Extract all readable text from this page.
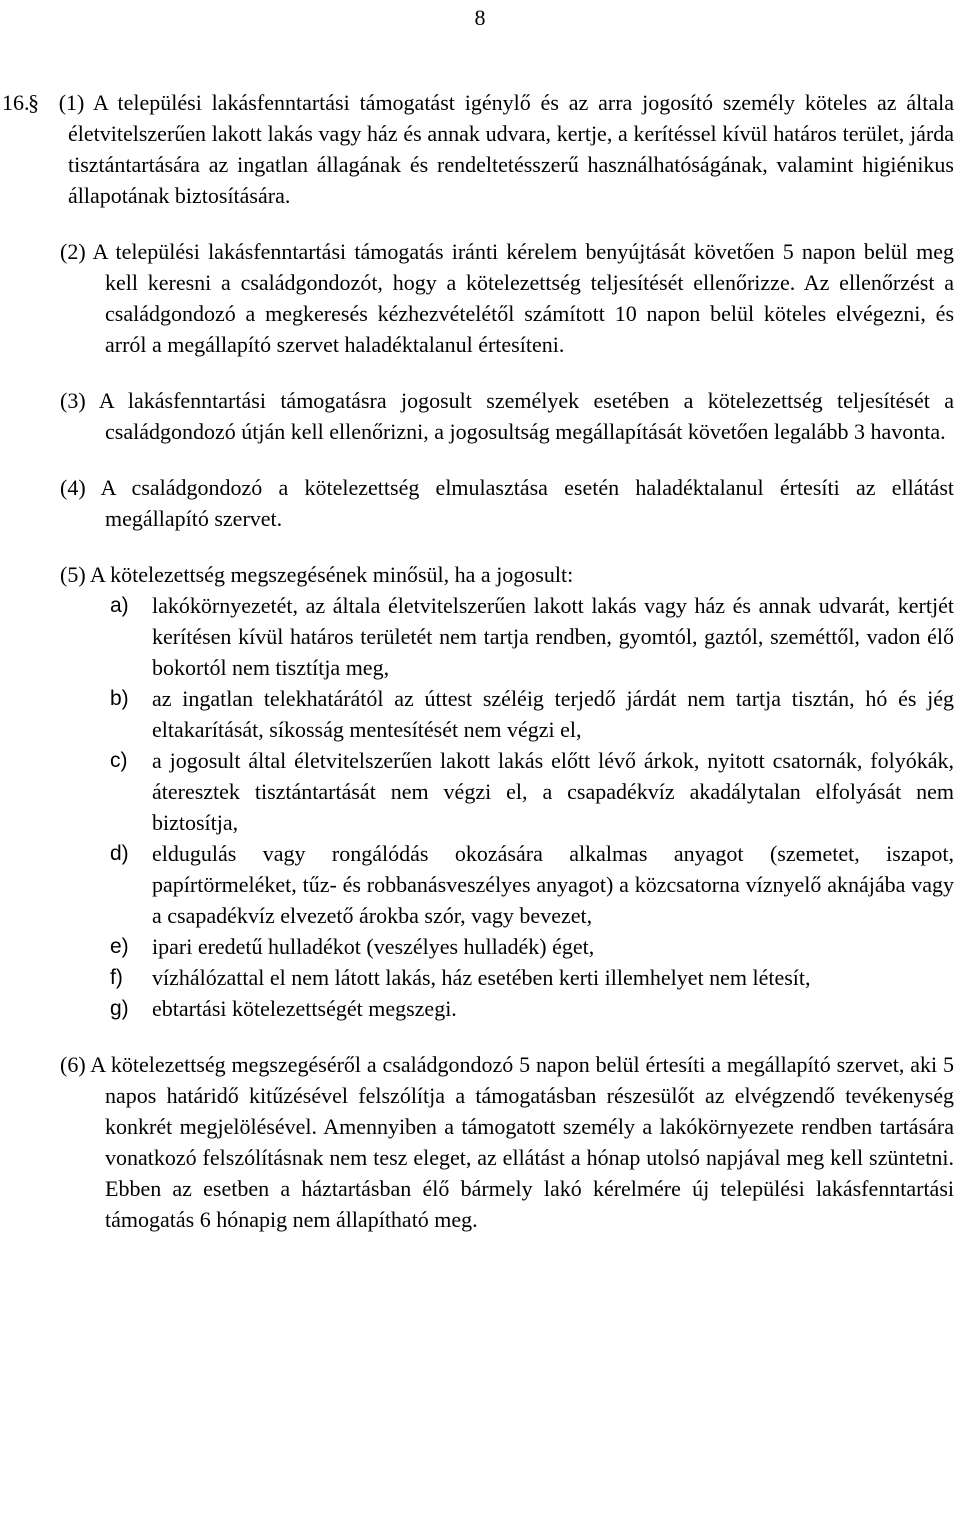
8
16.
§ (1) A települési lakásfenntartási támogatást igénylő és az arra jogosító személy köteles az általa életvitelszerűen lakott lakás vagy ház és annak udvara, kertje, a kerítéssel kívül határos terület, járda tisztántartására az ingatlan állagának és rendeltetésszerű használhatóságának, valamint higiénikus állapotának biztosítására.
(2) A települési lakásfenntartási támogatás iránti kérelem benyújtását követően 5 napon belül meg kell keresni a családgondozót, hogy a kötelezettség teljesítését ellenőrizze. Az ellenőrzést a családgondozó a megkeresés kézhezvételétől számított 10 napon belül köteles elvégezni, és arról a megállapító szervet haladéktalanul értesíteni.
(3) A lakásfenntartási támogatásra jogosult személyek esetében a kötelezettség teljesítését a családgondozó útján kell ellenőrizni, a jogosultság megállapítását követően legalább 3 havonta.
(4) A családgondozó a kötelezettség elmulasztása esetén haladéktalanul értesíti az ellátást megállapító szervet.
(5) A kötelezettség megszegésének minősül, ha a jogosult:
a) lakókörnyezetét, az általa életvitelszerűen lakott lakás vagy ház és annak udvarát, kertjét kerítésen kívül határos területét nem tartja rendben, gyomtól, gaztól, szeméttől, vadon élő bokortól nem tisztítja meg,
b) az ingatlan telekhatárától az úttest széléig terjedő járdát nem tartja tisztán, hó és jég eltakarítását, síkosság mentesítését nem végzi el,
c) a jogosult által életvitelszerűen lakott lakás előtt lévő árkok, nyitott csatornák, folyókák, áteresztek tisztántartását nem végzi el, a csapadékvíz akadálytalan elfolyását nem biztosítja,
d) eldugulás vagy rongálódás okozására alkalmas anyagot (szemetet, iszapot, papírtörmeléket, tűz- és robbanásveszélyes anyagot) a közcsatorna víznyelő aknájába vagy a csapadékvíz elvezető árokba szór, vagy bevezet,
e) ipari eredetű hulladékot (veszélyes hulladék) éget,
f) vízhálózattal el nem látott lakás, ház esetében kerti illemhelyet nem létesít,
g) ebtartási kötelezettségét megszegi.
(6) A kötelezettség megszegéséről a családgondozó 5 napon belül értesíti a megállapító szervet, aki 5 napos határidő kitűzésével felszólítja a támogatásban részesülőt az elvégzendő tevékenység konkrét megjelölésével. Amennyiben a támogatott személy a lakókörnyezete rendben tartására vonatkozó felszólításnak nem tesz eleget, az ellátást a hónap utolsó napjával meg kell szüntetni. Ebben az esetben a háztartásban élő bármely lakó kérelmére új települési lakásfenntartási támogatás 6 hónapig nem állapítható meg.
